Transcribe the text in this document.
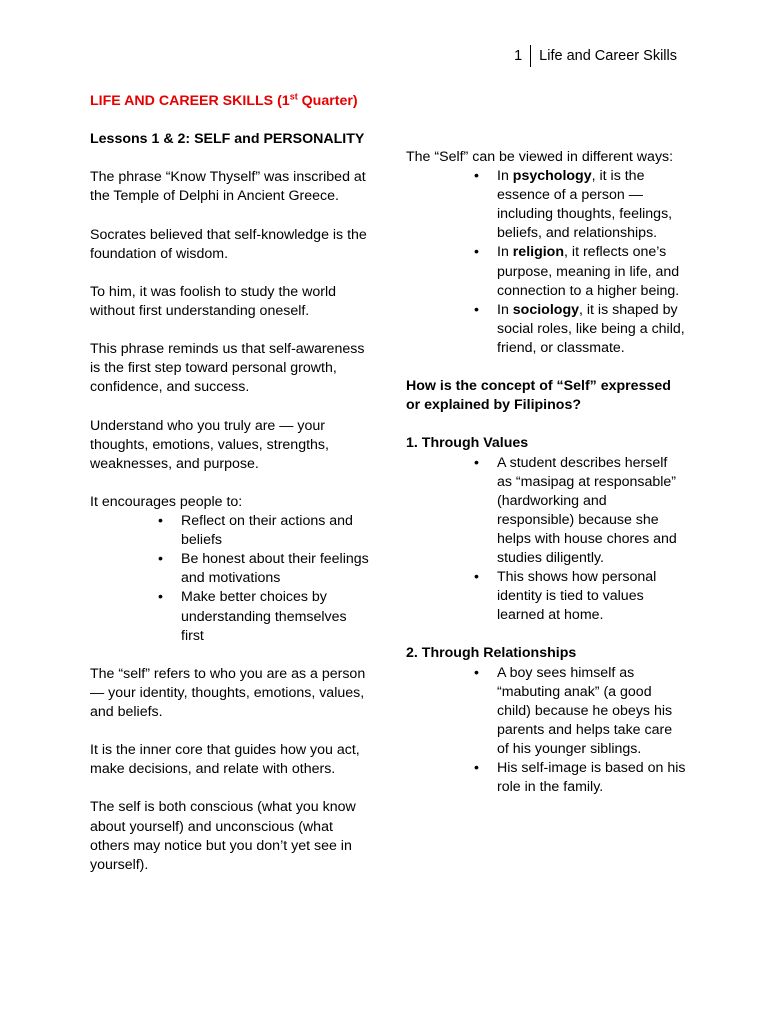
1	Life and Career Skills

LIFE AND CAREER SKILLS (1st Quarter)

Lessons 1 & 2: SELF and PERSONALITY

The phrase “Know Thyself” was inscribed at the Temple of Delphi in Ancient Greece.

Socrates believed that self-knowledge is the foundation of wisdom.

To him, it was foolish to study the world without first understanding oneself.

This phrase reminds us that self-awareness is the first step toward personal growth, confidence, and success.

Understand who you truly are — your thoughts, emotions, values, strengths, weaknesses, and purpose.

It encourages people to:

• Reflect on their actions and beliefs
• Be honest about their feelings and motivations
• Make better choices by understanding themselves first

The “self” refers to who you are as a person — your identity, thoughts, emotions, values, and beliefs.

It is the inner core that guides how you act, make decisions, and relate with others.

The self is both conscious (what you know about yourself) and unconscious (what others may notice but you don’t yet see in yourself).

The “Self” can be viewed in different ways:

• In psychology, it is the essence of a person — including thoughts, feelings, beliefs, and relationships.
• In religion, it reflects one’s purpose, meaning in life, and connection to a higher being.
• In sociology, it is shaped by social roles, like being a child, friend, or classmate.

How is the concept of “Self” expressed or explained by Filipinos?

1. Through Values

• A student describes herself as “masipag at responsable” (hardworking and responsible) because she helps with house chores and studies diligently.
• This shows how personal identity is tied to values learned at home.

2. Through Relationships

• A boy sees himself as “mabuting anak” (a good child) because he obeys his parents and helps take care of his younger siblings.
• His self-image is based on his role in the family.
